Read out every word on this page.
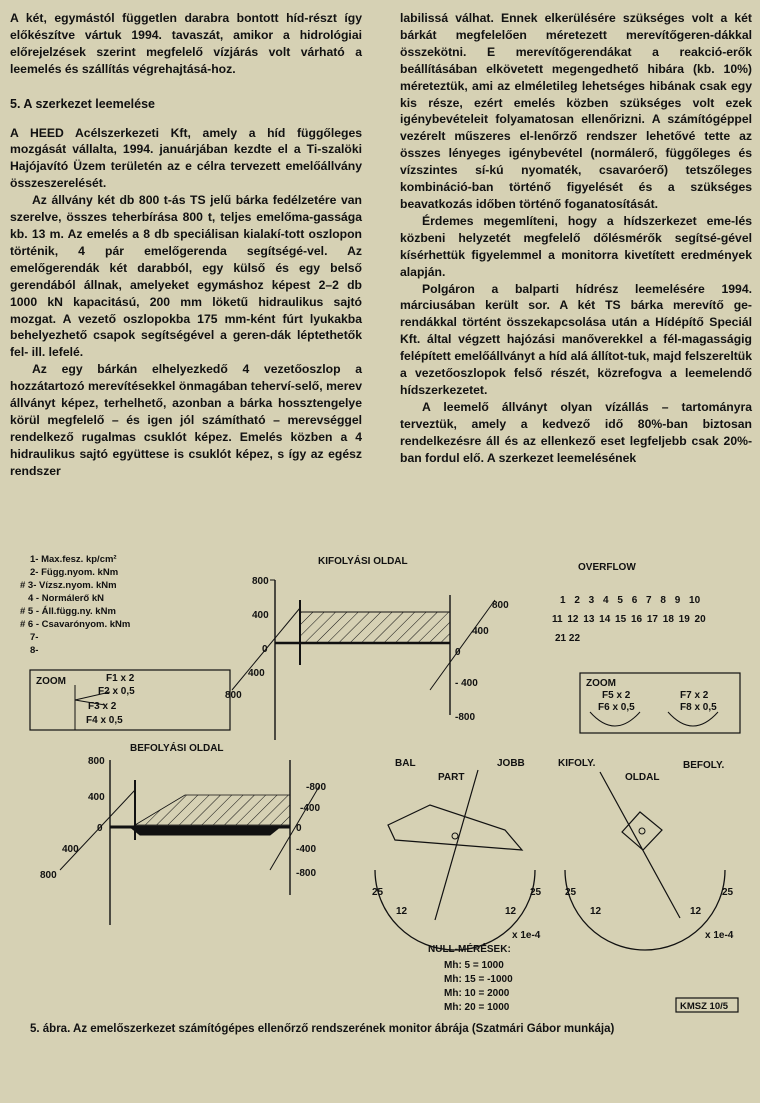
A két, egymástól független darabra bontott híd-részt így előkészítve vártuk 1994. tavaszát, amikor a hidrológiai előrejelzések szerint megfelelő vízjárás volt várható a leemelés és szállítás végrehajtásá-hoz.

5. A szerkezet leemelése

A HEED Acélszerkezeti Kft, amely a híd függőleges mozgását vállalta, 1994. januárjában kezdte el a Ti-szalöki Hajójavító Üzem területén az e célra tervezett emelőállvány összeszerelését.

Az állvány két db 800 t-ás TS jelű bárka fedélzetére van szerelve, összes teherbírása 800 t, teljes emelőma-gassága kb. 13 m. Az emelés a 8 db speciálisan kialakí-tott oszlopon történik, 4 pár emelőgerenda segítségé-vel. Az emelőgerendák két darabból, egy külső és egy belső gerendából állnak, amelyeket egymáshoz képest 2–2 db 1000 kN kapacitású, 200 mm löketű hidraulikus sajtó mozgat. A vezető oszlopokba 175 mm-ként fúrt lyukakba behelyezhető csapok segítségével a geren-dák léptethetők fel- ill. lefelé.

Az egy bárkán elhelyezkedő 4 vezetőoszlop a hozzátartozó merevítésekkel önmagában teherví-selő, merev állványt képez, terhelhető, azonban a bárka hossztengelye körül megfelelő – és igen jól számítható – merevséggel rendelkező rugalmas csuklót képez. Emelés közben a 4 hidraulikus sajtó együttese is csuklót képez, s így az egész rendszer

labilissá válhat. Ennek elkerülésére szükséges volt a két bárkát megfelelően méretezett merevítőgeren-dákkal összekötni. E merevítőgerendákat a reakció-erők beállításában elkövetett megengedhető hibára (kb. 10%) méreteztük, ami az elméletileg lehetséges hibának csak egy kis része, ezért emelés közben szükséges volt ezek igénybevételeit folyamatosan ellenőrizni. A számítógéppel vezérelt műszeres el-lenőrző rendszer lehetővé tette az összes lényeges igénybevétel (normálerő, függőleges és vízszintes sí-kú nyomaték, csavaróerő) tetszőleges kombináció-ban történő figyelését és a szükséges beavatkozás időben történő foganatosítását.

Érdemes megemlíteni, hogy a hídszerkezet eme-lés közbeni helyzetét megfelelő dőlésmérők segítsé-gével kísérhettük figyelemmel a monitorra kivetített eredmények alapján.

Polgáron a balparti hídrész leemelésére 1994. márciusában került sor. A két TS bárka merevítő ge-rendákkal történt összekapcsolása után a Hídépítő Speciál Kft. által végzett hajózási manőverekkel a fél-magasságig felépített emelőállványt a híd alá állítot-tuk, majd felszereltük a vezetőoszlopok felső részét, közrefogva a leemelendő hídszerkezetet.

A leemelő állványt olyan vízállás – tartományra terveztük, amely a kedvező idő 80%-ban biztosan rendelkezésre áll és az ellenkező eset legfeljebb csak 20%-ban fordul elő. A szerkezet leemelésének

1- Max.fesz. kp/cm²
2- Függ.nyom. kNm
# 3- Vízsz.nyom. kNm
4 - Normálerő kN
# 5 - Áll.függ.ny. kNm
# 6 - Csavarónyom. kNm
7-
8-
ZOOM	F1 x 2
F2 x 0,5
F3 x 2
F4 x 0,5
KIFOLYÁSI OLDAL
800
400
0
400
800
800
400
0
- 400
-800
OVERFLOW
1 2 3 4 5 6 7 8 9 10
11 12 13 14 15 16 17 18 19 20
21 22
ZOOM
F5 x 2
F6 x 0,5
F7 x 2
F8 x 0,5
BEFOLYÁSI OLDAL
800
400
0
400
800
-800
-400
0
-400
-800
BAL	JOBB
PART
25
12	12
25
x 1e-4
KIFOLY.	BEFOLY.
OLDAL
25
12	12
25
x 1e-4
NULL-MÉRÉSEK:
Mh: 5 = 1000
Mh: 15 = -1000
Mh: 10 = 2000
Mh: 20 = 1000	KMSZ 10/5
5. ábra. Az emelőszerkezet számítógépes ellenőrző rendszerének monitor ábrája (Szatmári Gábor munkája)
